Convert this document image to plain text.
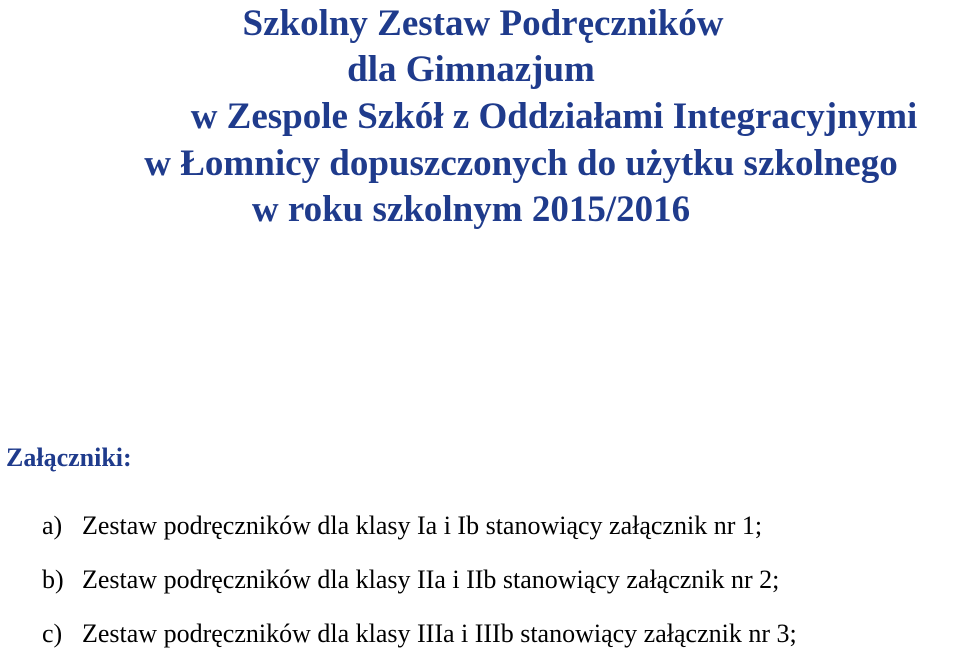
Szkolny Zestaw Podręczników
dla Gimnazjum
w Zespole Szkół z Oddziałami Integracyjnymi
w Łomnicy dopuszczonych do użytku szkolnego
w roku szkolnym 2015/2016
Załączniki:
a) Zestaw podręczników dla klasy Ia i Ib stanowiący załącznik nr 1;
b) Zestaw podręczników dla klasy IIa i IIb stanowiący załącznik nr 2;
c) Zestaw podręczników dla klasy IIIa i IIIb stanowiący załącznik nr 3;
